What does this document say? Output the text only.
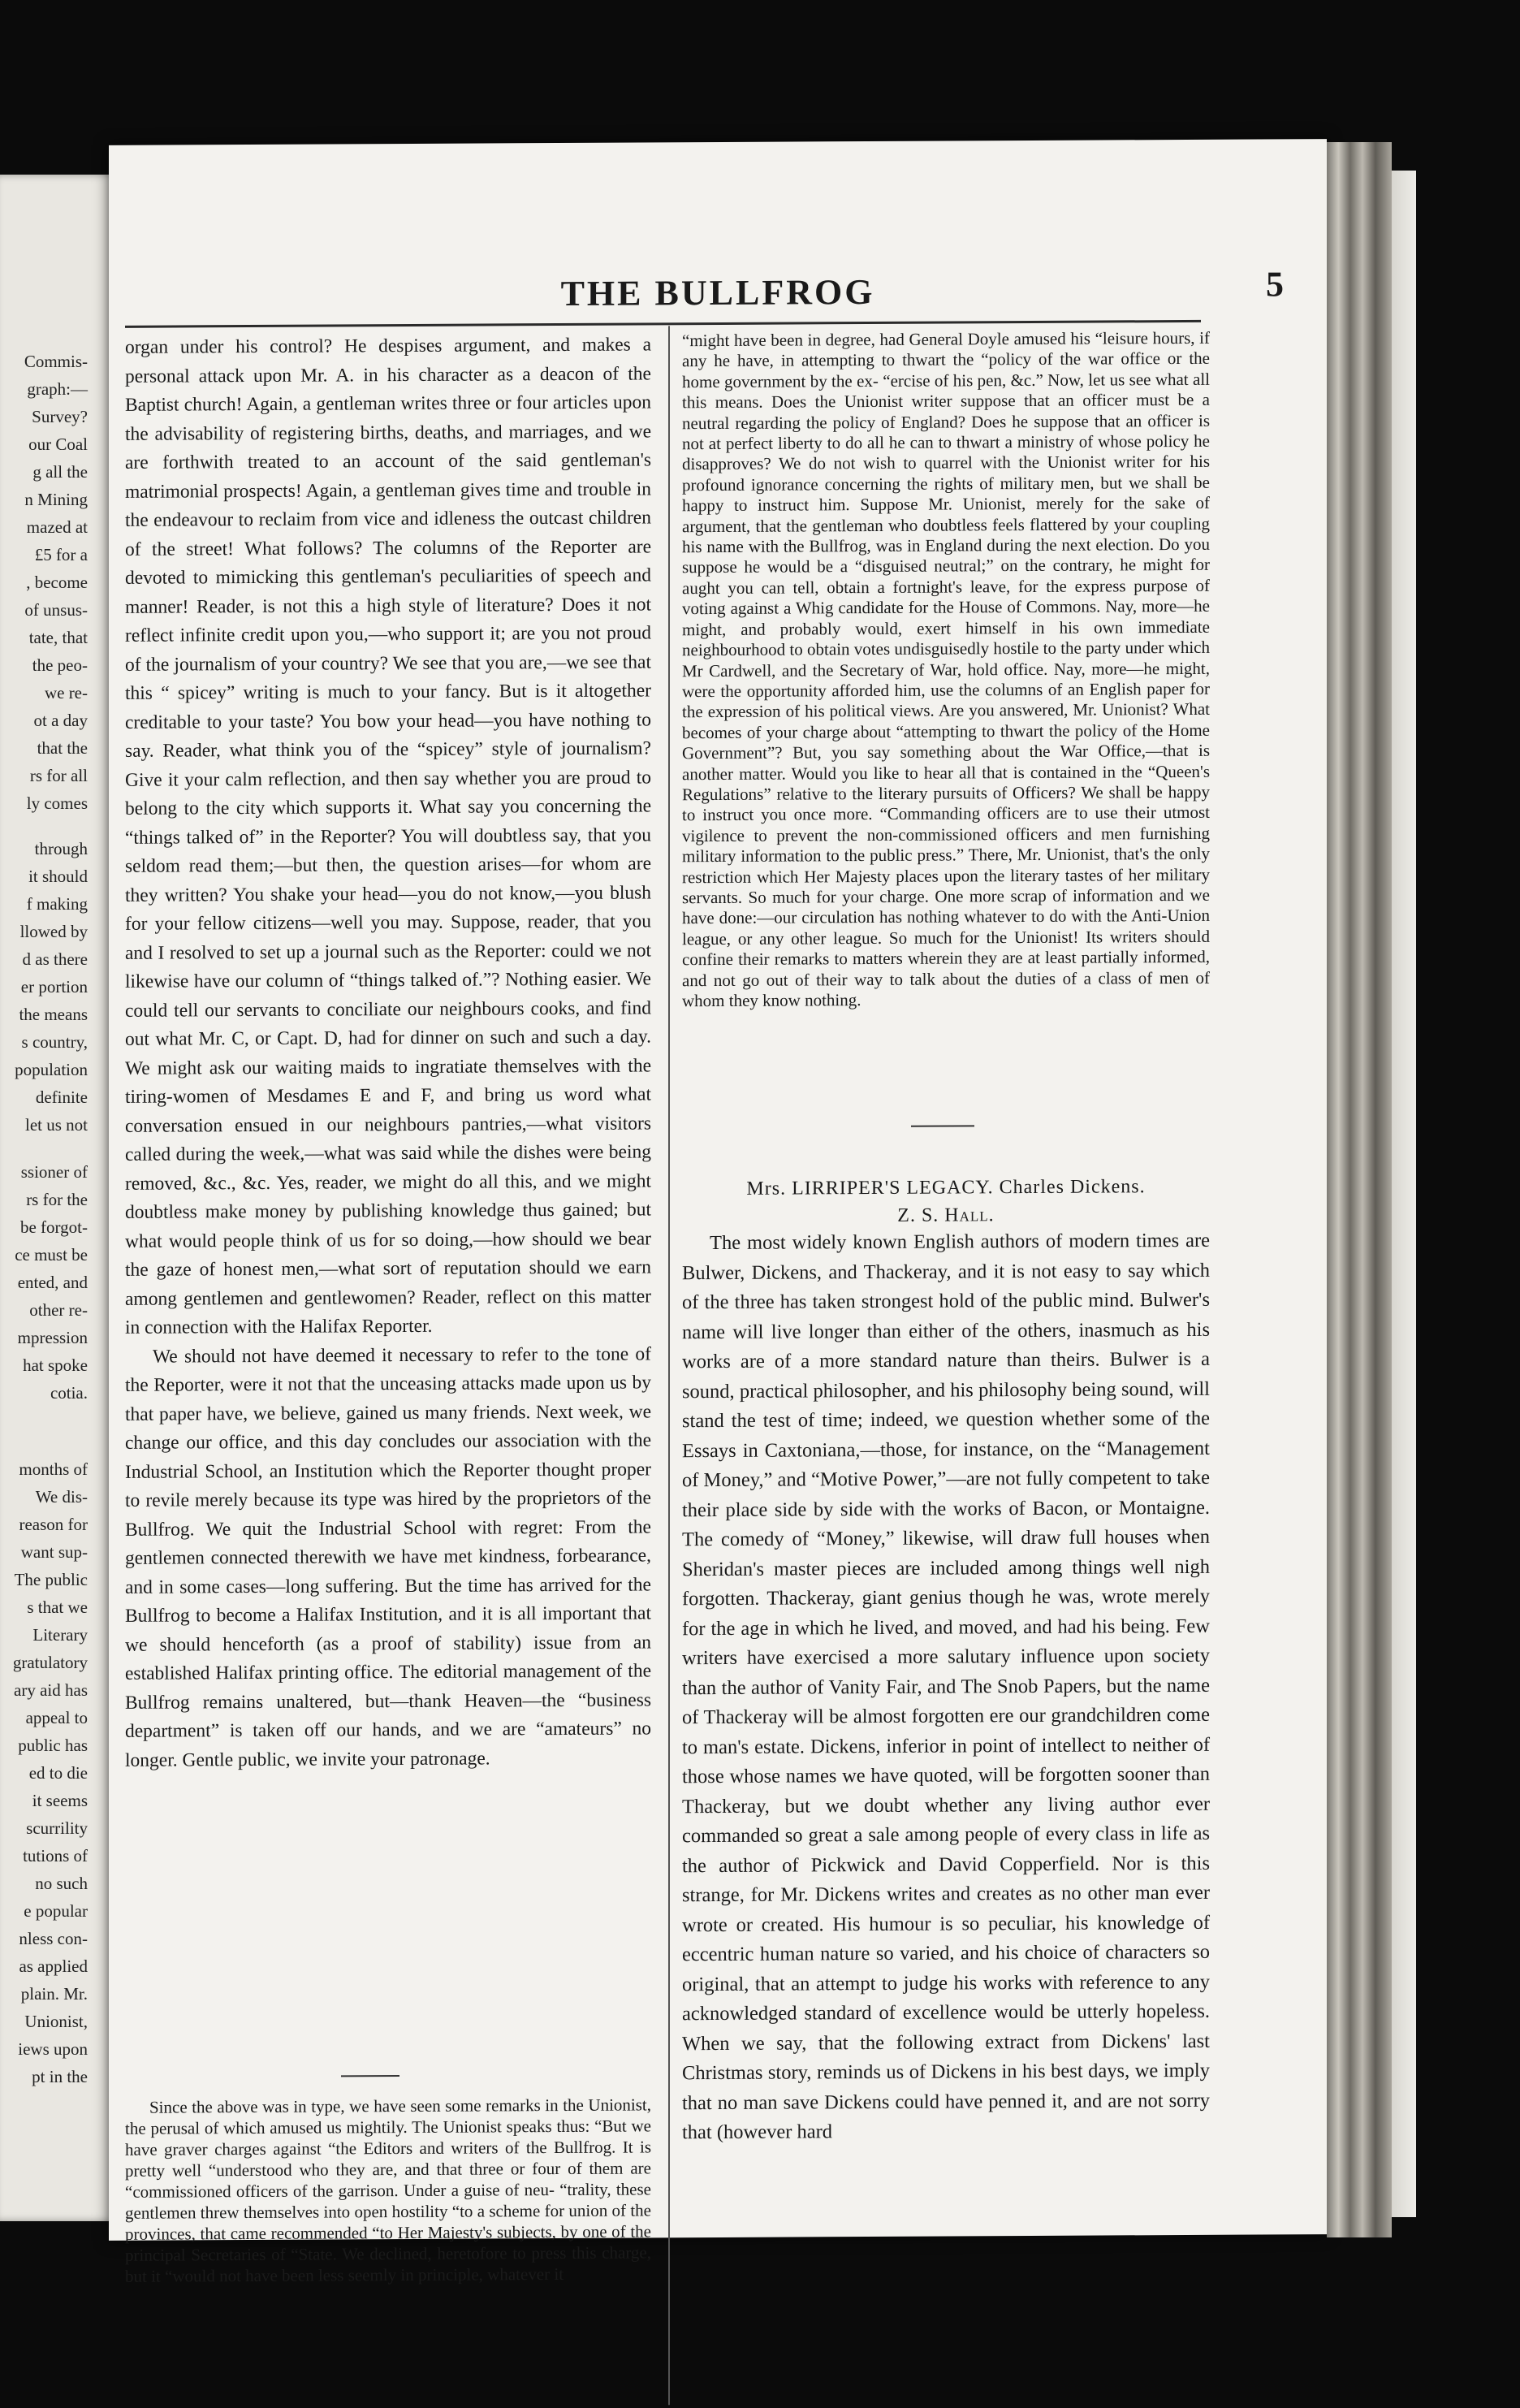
Commis-
graph:—
Survey?
our Coal
g all the
n Mining
mazed at
£5 for a
, become
of unsus-
tate, that
the peo-
we re-
ot a day
that the
rs for all
ly comes
through
it should
f making
llowed by
d as there
er portion
the means
s country,
population
definite
let us not
ssioner of
rs for the
be forgot-
ce must be
ented, and
other re-
mpression
hat spoke
cotia.
months of
We dis-
reason for
want sup-
The public
s that we
Literary
gratulatory
ary aid has
appeal to
public has
ed to die
it seems
scurrility
tutions of
no such
e popular
nless con-
as applied
plain. Mr.
Unionist,
iews upon
pt in the
THE BULLFROG	5

organ under his control? He despises argument, and makes a personal attack upon Mr. A. in his character as a deacon of the Baptist church! Again, a gentleman writes three or four articles upon the advisability of registering births, deaths, and marriages, and we are forthwith treated to an account of the said gentleman's matrimonial prospects! Again, a gentleman gives time and trouble in the endeavour to reclaim from vice and idleness the outcast children of the street! What follows? The columns of the Reporter are devoted to mimicking this gentleman's peculiarities of speech and manner! Reader, is not this a high style of literature? Does it not reflect infinite credit upon you,—who support it; are you not proud of the journalism of your country? We see that you are,—we see that this “ spicey” writing is much to your fancy. But is it altogether creditable to your taste? You bow your head—you have nothing to say. Reader, what think you of the “spicey” style of journalism? Give it your calm reflection, and then say whether you are proud to belong to the city which supports it. What say you concerning the “things talked of” in the Reporter? You will doubtless say, that you seldom read them;—but then, the question arises—for whom are they written? You shake your head—you do not know,—you blush for your fellow citizens—well you may. Suppose, reader, that you and I resolved to set up a journal such as the Reporter: could we not likewise have our column of “things talked of.”? Nothing easier. We could tell our servants to conciliate our neighbours cooks, and find out what Mr. C, or Capt. D, had for dinner on such and such a day. We might ask our waiting maids to ingratiate themselves with the tiring-women of Mesdames E and F, and bring us word what conversation ensued in our neighbours pantries,—what visitors called during the week,—what was said while the dishes were being removed, &c., &c. Yes, reader, we might do all this, and we might doubtless make money by publishing knowledge thus gained; but what would people think of us for so doing,—how should we bear the gaze of honest men,—what sort of reputation should we earn among gentlemen and gentlewomen? Reader, reflect on this matter in connection with the Halifax Reporter.

We should not have deemed it necessary to refer to the tone of the Reporter, were it not that the unceasing attacks made upon us by that paper have, we believe, gained us many friends. Next week, we change our office, and this day concludes our association with the Industrial School, an Institution which the Reporter thought proper to revile merely because its type was hired by the proprietors of the Bullfrog. We quit the Industrial School with regret: From the gentlemen connected therewith we have met kindness, forbearance, and in some cases—long suffering. But the time has arrived for the Bullfrog to become a Halifax Institution, and it is all important that we should henceforth (as a proof of stability) issue from an established Halifax printing office. The editorial management of the Bullfrog remains unaltered, but—thank Heaven—the “business department” is taken off our hands, and we are “amateurs” no longer. Gentle public, we invite your patronage.

Since the above was in type, we have seen some remarks in the Unionist, the perusal of which amused us mightily. The Unionist speaks thus: “But we have graver charges against “the Editors and writers of the Bullfrog. It is pretty well “understood who they are, and that three or four of them are “commissioned officers of the garrison. Under a guise of neu- “trality, these gentlemen threw themselves into open hostility “to a scheme for union of the provinces, that came recommended “to Her Majesty's subjects, by one of the principal Secretaries of “State. We declined, heretofore to press this charge, but it “would not have been less seemly in principle, whatever it
“might have been in degree, had General Doyle amused his “leisure hours, if any he have, in attempting to thwart the “policy of the war office or the home government by the ex- “ercise of his pen, &c.” Now, let us see what all this means. Does the Unionist writer suppose that an officer must be a neutral regarding the policy of England? Does he suppose that an officer is not at perfect liberty to do all he can to thwart a ministry of whose policy he disapproves? We do not wish to quarrel with the Unionist writer for his profound ignorance concerning the rights of military men, but we shall be happy to instruct him. Suppose Mr. Unionist, merely for the sake of argument, that the gentleman who doubtless feels flattered by your coupling his name with the Bullfrog, was in England during the next election. Do you suppose he would be a “disguised neutral;” on the contrary, he might for aught you can tell, obtain a fortnight's leave, for the express purpose of voting against a Whig candidate for the House of Commons. Nay, more—he might, and probably would, exert himself in his own immediate neighbourhood to obtain votes undisguisedly hostile to the party under which Mr Cardwell, and the Secretary of War, hold office. Nay, more—he might, were the opportunity afforded him, use the columns of an English paper for the expression of his political views. Are you answered, Mr. Unionist? What becomes of your charge about “attempting to thwart the policy of the Home Government”? But, you say something about the War Office,—that is another matter. Would you like to hear all that is contained in the “Queen's Regulations” relative to the literary pursuits of Officers? We shall be happy to instruct you once more. “Commanding officers are to use their utmost vigilence to prevent the non-commissioned officers and men furnishing military information to the public press.” There, Mr. Unionist, that's the only restriction which Her Majesty places upon the literary tastes of her military servants. So much for your charge. One more scrap of information and we have done:—our circulation has nothing whatever to do with the Anti-Union league, or any other league. So much for the Unionist! Its writers should confine their remarks to matters wherein they are at least partially informed, and not go out of their way to talk about the duties of a class of men of whom they know nothing.
Mrs. LIRRIPER'S LEGACY. Charles Dickens.
Z. S. Hall.
The most widely known English authors of modern times are Bulwer, Dickens, and Thackeray, and it is not easy to say which of the three has taken strongest hold of the public mind. Bulwer's name will live longer than either of the others, inasmuch as his works are of a more standard nature than theirs. Bulwer is a sound, practical philosopher, and his philosophy being sound, will stand the test of time; indeed, we question whether some of the Essays in Caxtoniana,—those, for instance, on the “Management of Money,” and “Motive Power,”—are not fully competent to take their place side by side with the works of Bacon, or Montaigne. The comedy of “Money,” likewise, will draw full houses when Sheridan's master pieces are included among things well nigh forgotten. Thackeray, giant genius though he was, wrote merely for the age in which he lived, and moved, and had his being. Few writers have exercised a more salutary influence upon society than the author of Vanity Fair, and The Snob Papers, but the name of Thackeray will be almost forgotten ere our grandchildren come to man's estate. Dickens, inferior in point of intellect to neither of those whose names we have quoted, will be forgotten sooner than Thackeray, but we doubt whether any living author ever commanded so great a sale among people of every class in life as the author of Pickwick and David Copperfield. Nor is this strange, for Mr. Dickens writes and creates as no other man ever wrote or created. His humour is so peculiar, his knowledge of eccentric human nature so varied, and his choice of characters so original, that an attempt to judge his works with reference to any acknowledged standard of excellence would be utterly hopeless. When we say, that the following extract from Dickens' last Christmas story, reminds us of Dickens in his best days, we imply that no man save Dickens could have penned it, and are not sorry that (however hard
